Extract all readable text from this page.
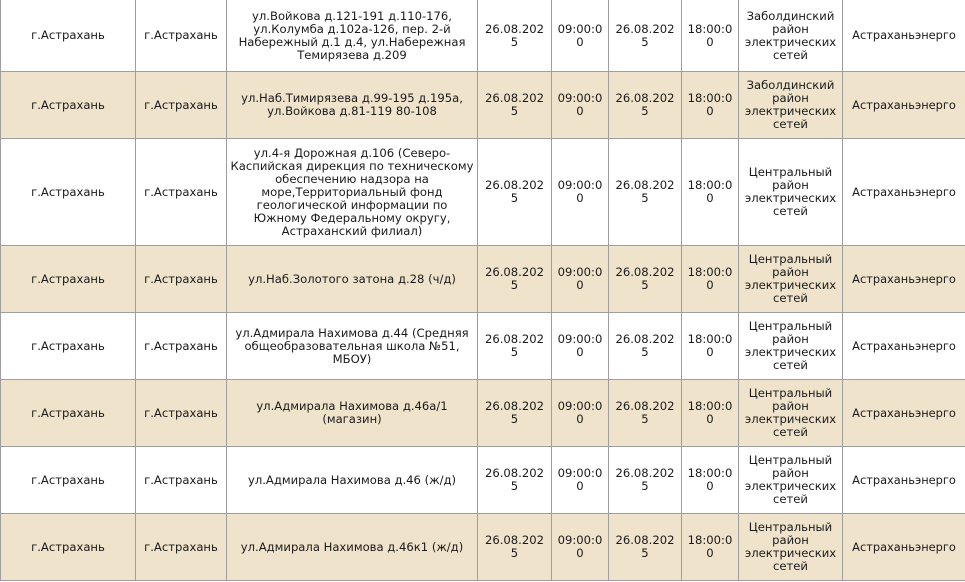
г.Астрахань	г.Астрахань	ул.Войкова д.121-191 д.110-176, ул.Колумба д.102а-126, пер. 2-й Набережный д.1 д.4, ул.Набережная Темирязева д.209	26.08.2025	09:00:00	26.08.2025	18:00:00	Заболдинский район электрических сетей	Астраханьэнерго
г.Астрахань	г.Астрахань	ул.Наб.Тимирязева д.99-195 д.195а, ул.Войкова д.81-119 80-108	26.08.2025	09:00:00	26.08.2025	18:00:00	Заболдинский район электрических сетей	Астраханьэнерго
г.Астрахань	г.Астрахань	ул.4-я Дорожная д.106 (Северо-Каспийская дирекция по техническому обеспечению надзора на море,Территориальный фонд геологической информации по Южному Федеральному округу, Астраханский филиал)	26.08.2025	09:00:00	26.08.2025	18:00:00	Центральный район электрических сетей	Астраханьэнерго
г.Астрахань	г.Астрахань	ул.Наб.Золотого затона д.28 (ч/д)	26.08.2025	09:00:00	26.08.2025	18:00:00	Центральный район электрических сетей	Астраханьэнерго
г.Астрахань	г.Астрахань	ул.Адмирала Нахимова д.44 (Средняя общеобразовательная школа №51, МБОУ)	26.08.2025	09:00:00	26.08.2025	18:00:00	Центральный район электрических сетей	Астраханьэнерго
г.Астрахань	г.Астрахань	ул.Адмирала Нахимова д.46а/1 (магазин)	26.08.2025	09:00:00	26.08.2025	18:00:00	Центральный район электрических сетей	Астраханьэнерго
г.Астрахань	г.Астрахань	ул.Адмирала Нахимова д.46 (ж/д)	26.08.2025	09:00:00	26.08.2025	18:00:00	Центральный район электрических сетей	Астраханьэнерго
г.Астрахань	г.Астрахань	ул.Адмирала Нахимова д.46к1 (ж/д)	26.08.2025	09:00:00	26.08.2025	18:00:00	Центральный район электрических сетей	Астраханьэнерго
